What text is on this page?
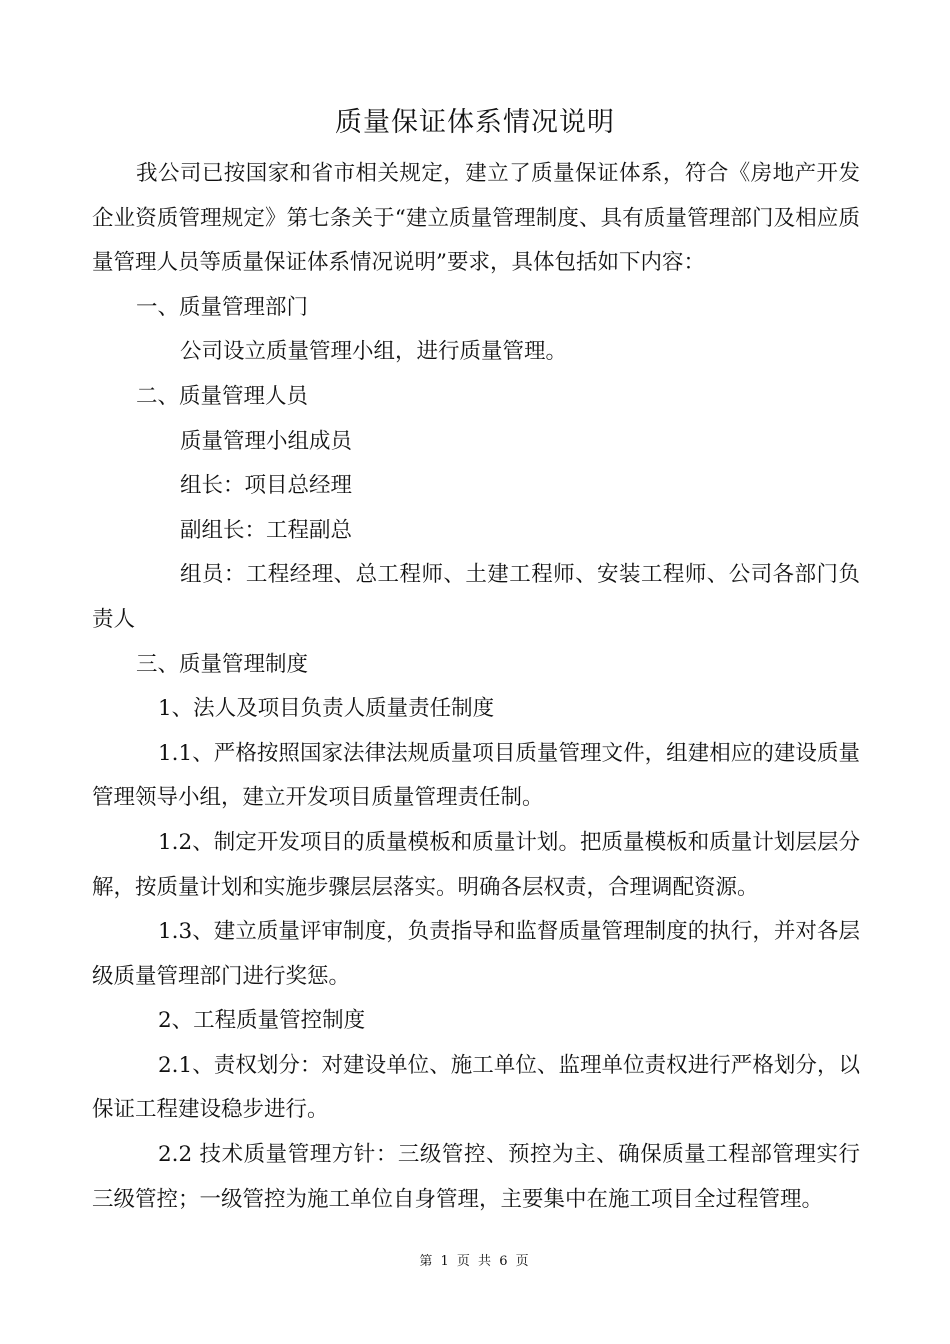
质量保证体系情况说明

我公司已按国家和省市相关规定，建立了质量保证体系，符合《房地产开发企业资质管理规定》第七条关于“建立质量管理制度、具有质量管理部门及相应质量管理人员等质量保证体系情况说明”要求，具体包括如下内容：

一、质量管理部门

公司设立质量管理小组，进行质量管理。

二、质量管理人员

质量管理小组成员

组长：项目总经理

副组长：工程副总

组员：工程经理、总工程师、土建工程师、安装工程师、公司各部门负责人

三、质量管理制度

1、法人及项目负责人质量责任制度

1.1、严格按照国家法律法规质量项目质量管理文件，组建相应的建设质量管理领导小组，建立开发项目质量管理责任制。

1.2、制定开发项目的质量模板和质量计划。把质量模板和质量计划层层分解，按质量计划和实施步骤层层落实。明确各层权责，合理调配资源。

1.3、建立质量评审制度，负责指导和监督质量管理制度的执行，并对各层级质量管理部门进行奖惩。

2、工程质量管控制度

2.1、责权划分：对建设单位、施工单位、监理单位责权进行严格划分，以保证工程建设稳步进行。

2.2 技术质量管理方针：三级管控、预控为主、确保质量工程部管理实行三级管控；一级管控为施工单位自身管理，主要集中在施工项目全过程管理。

第 1 页 共 6 页
